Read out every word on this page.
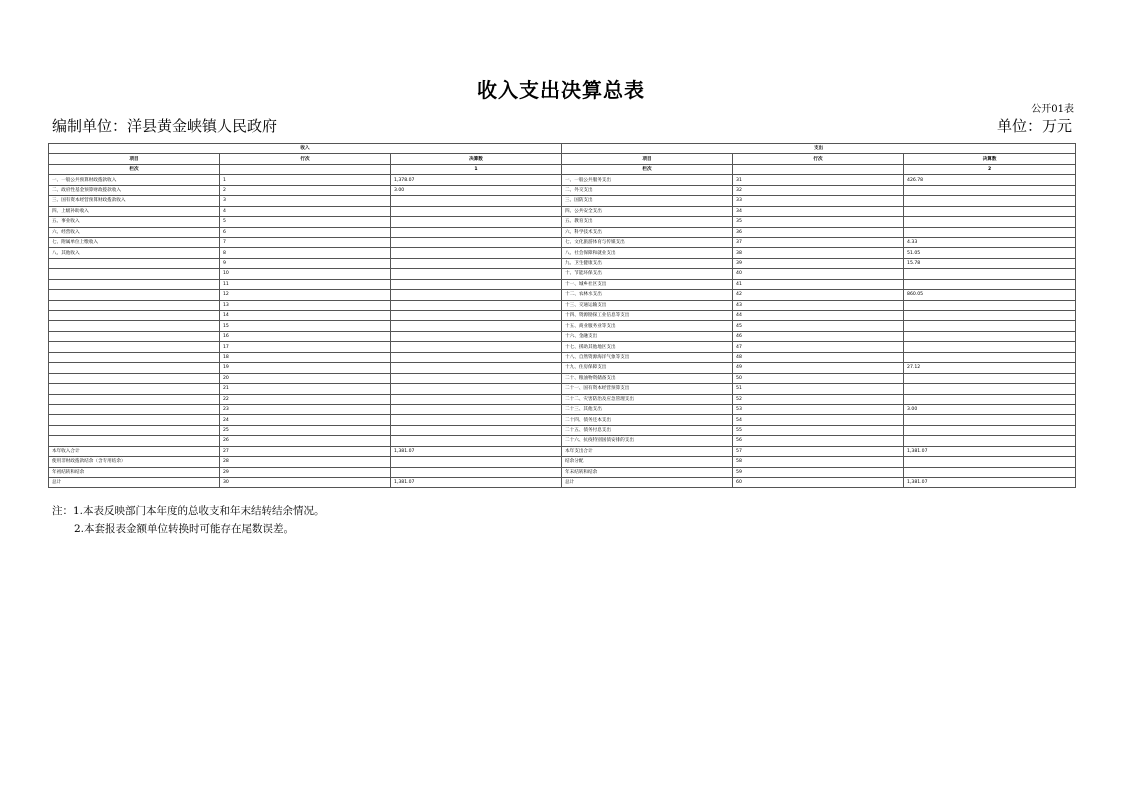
收入支出决算总表
公开01表
编制单位：洋县黄金峡镇人民政府	单位：万元
收入			支出		
项目	行次	决算数	项目	行次	决算数
栏次		1	栏次		2
一、一般公共预算财政拨款收入	1	1,378.07	一、一般公共服务支出	31	426.78
二、政府性基金预算财政拨款收入	2	3.00	二、外交支出	32	
三、国有资本经营预算财政拨款收入	3		三、国防支出	33	
四、上级补助收入	4		四、公共安全支出	34	
五、事业收入	5		五、教育支出	35	
六、经营收入	6		六、科学技术支出	36	
七、附属单位上缴收入	7		七、文化旅游体育与传媒支出	37	4.33
八、其他收入	8		八、社会保障和就业支出	38	51.05
	9		九、卫生健康支出	39	15.78
	10		十、节能环保支出	40	
	11		十一、城乡社区支出	41	
	12		十二、农林水支出	42	860.05
	13		十三、交通运输支出	43	
	14		十四、资源勘探工业信息等支出	44	
	15		十五、商业服务业等支出	45	
	16		十六、金融支出	46	
	17		十七、援助其他地区支出	47	
	18		十八、自然资源海洋气象等支出	48	
	19		十九、住房保障支出	49	27.12
	20		二十、粮油物资储备支出	50	
	21		二十一、国有资本经营预算支出	51	
	22		二十二、灾害防治及应急管理支出	52	
	23		二十三、其他支出	53	3.00
	24		二十四、债务还本支出	54	
	25		二十五、债务付息支出	55	
	26		二十六、抗疫特别国债安排的支出	56	
本年收入合计	27	1,381.07	本年支出合计	57	1,381.07
使用非财政拨款结余（含专用结余）	28		结余分配	58	
年初结转和结余	29		年末结转和结余	59	
总计	30	1,381.07	总计	60	1,381.07
注：1.本表反映部门本年度的总收支和年末结转结余情况。
2.本套报表金额单位转换时可能存在尾数误差。
